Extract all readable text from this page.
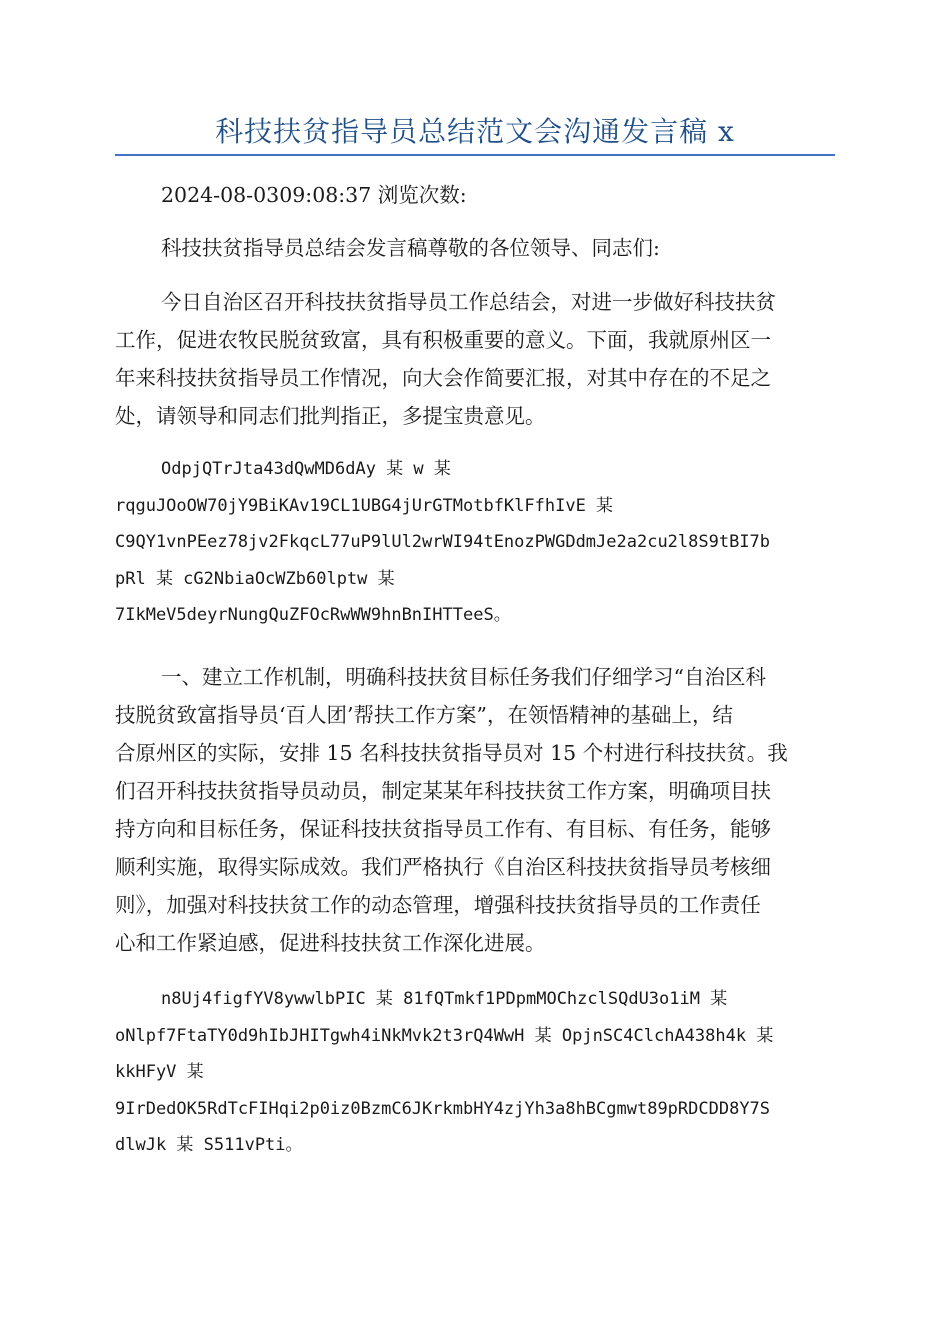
科技扶贫指导员总结范文会沟通发言稿 x
2024-08-0309:08:37 浏览次数:
科技扶贫指导员总结会发言稿尊敬的各位领导、同志们:
今日自治区召开科技扶贫指导员工作总结会，对进一步做好科技扶贫
工作，促进农牧民脱贫致富，具有积极重要的意义。下面，我就原州区一
年来科技扶贫指导员工作情况，向大会作简要汇报，对其中存在的不足之
处，请领导和同志们批判指正，多提宝贵意见。
OdpjQTrJta43dQwMD6dAy 某 w 某
rqguJOoOW70jY9BiKAv19CL1UBG4jUrGTMotbfKlFfhIvE 某
C9QY1vnPEez78jv2FkqcL77uP9lUl2wrWI94tEnozPWGDdmJe2a2cu2l8S9tBI7b
pRl 某 cG2NbiaOcWZb60lptw 某
7IkMeV5deyrNungQuZFOcRwWW9hnBnIHTTeeS。
一、建立工作机制，明确科技扶贫目标任务我们仔细学习“自治区科
技脱贫致富指导员‘百人团’帮扶工作方案”，在领悟精神的基础上，结
合原州区的实际，安排 15 名科技扶贫指导员对 15 个村进行科技扶贫。我
们召开科技扶贫指导员动员，制定某某年科技扶贫工作方案，明确项目扶
持方向和目标任务，保证科技扶贫指导员工作有、有目标、有任务，能够
顺利实施，取得实际成效。我们严格执行《自治区科技扶贫指导员考核细
则》，加强对科技扶贫工作的动态管理，增强科技扶贫指导员的工作责任
心和工作紧迫感，促进科技扶贫工作深化进展。
n8Uj4figfYV8ywwlbPIC 某 81fQTmkf1PDpmMOChzclSQdU3o1iM 某
oNlpf7FtaTY0d9hIbJHITgwh4iNkMvk2t3rQ4WwH 某 OpjnSC4ClchA438h4k 某
kkHFyV 某
9IrDedOK5RdTcFIHqi2p0iz0BzmC6JKrkmbHY4zjYh3a8hBCgmwt89pRDCDD8Y7S
dlwJk 某 S511vPti。
